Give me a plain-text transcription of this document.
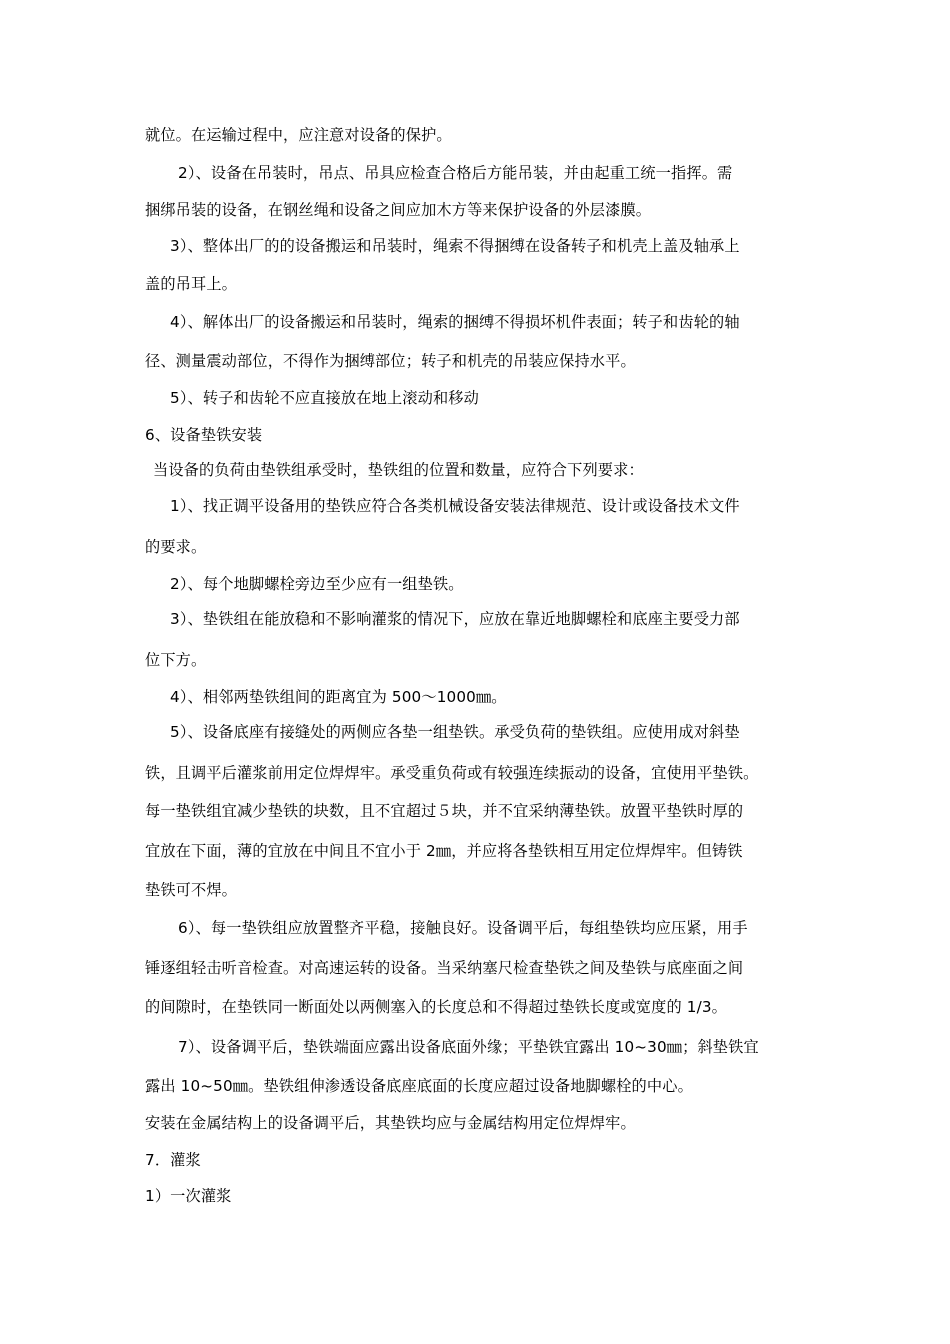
就位。在运输过程中，应注意对设备的保护。
2）、设备在吊装时，吊点、吊具应检查合格后方能吊装，并由起重工统一指挥。需
捆绑吊装的设备，在钢丝绳和设备之间应加木方等来保护设备的外层漆膜。
3）、整体出厂的的设备搬运和吊装时，绳索不得捆缚在设备转子和机壳上盖及轴承上
盖的吊耳上。
4）、解体出厂的设备搬运和吊装时，绳索的捆缚不得损坏机件表面；转子和齿轮的轴
径、测量震动部位，不得作为捆缚部位；转子和机壳的吊装应保持水平。
5）、转子和齿轮不应直接放在地上滚动和移动
6、设备垫铁安装
当设备的负荷由垫铁组承受时，垫铁组的位置和数量，应符合下列要求：
1）、找正调平设备用的垫铁应符合各类机械设备安装法律规范、设计或设备技术文件
的要求。
2）、每个地脚螺栓旁边至少应有一组垫铁。
3）、垫铁组在能放稳和不影响灌浆的情况下，应放在靠近地脚螺栓和底座主要受力部
位下方。
4）、相邻两垫铁组间的距离宜为 500～1000㎜。
5）、设备底座有接缝处的两侧应各垫一组垫铁。承受负荷的垫铁组。应使用成对斜垫
铁，且调平后灌浆前用定位焊焊牢。承受重负荷或有较强连续振动的设备，宜使用平垫铁。
每一垫铁组宜减少垫铁的块数，且不宜超过５块，并不宜采纳薄垫铁。放置平垫铁时厚的
宜放在下面，薄的宜放在中间且不宜小于 2㎜，并应将各垫铁相互用定位焊焊牢。但铸铁
垫铁可不焊。
6）、每一垫铁组应放置整齐平稳，接触良好。设备调平后，每组垫铁均应压紧，用手
锤逐组轻击听音检查。对高速运转的设备。当采纳塞尺检查垫铁之间及垫铁与底座面之间
的间隙时，在垫铁同一断面处以两侧塞入的长度总和不得超过垫铁长度或宽度的 1/3。
7）、设备调平后，垫铁端面应露出设备底面外缘；平垫铁宜露出 10~30㎜；斜垫铁宜
露出 10~50㎜。垫铁组伸渗透设备底座底面的长度应超过设备地脚螺栓的中心。
安装在金属结构上的设备调平后，其垫铁均应与金属结构用定位焊焊牢。
7．灌浆
1）一次灌浆
